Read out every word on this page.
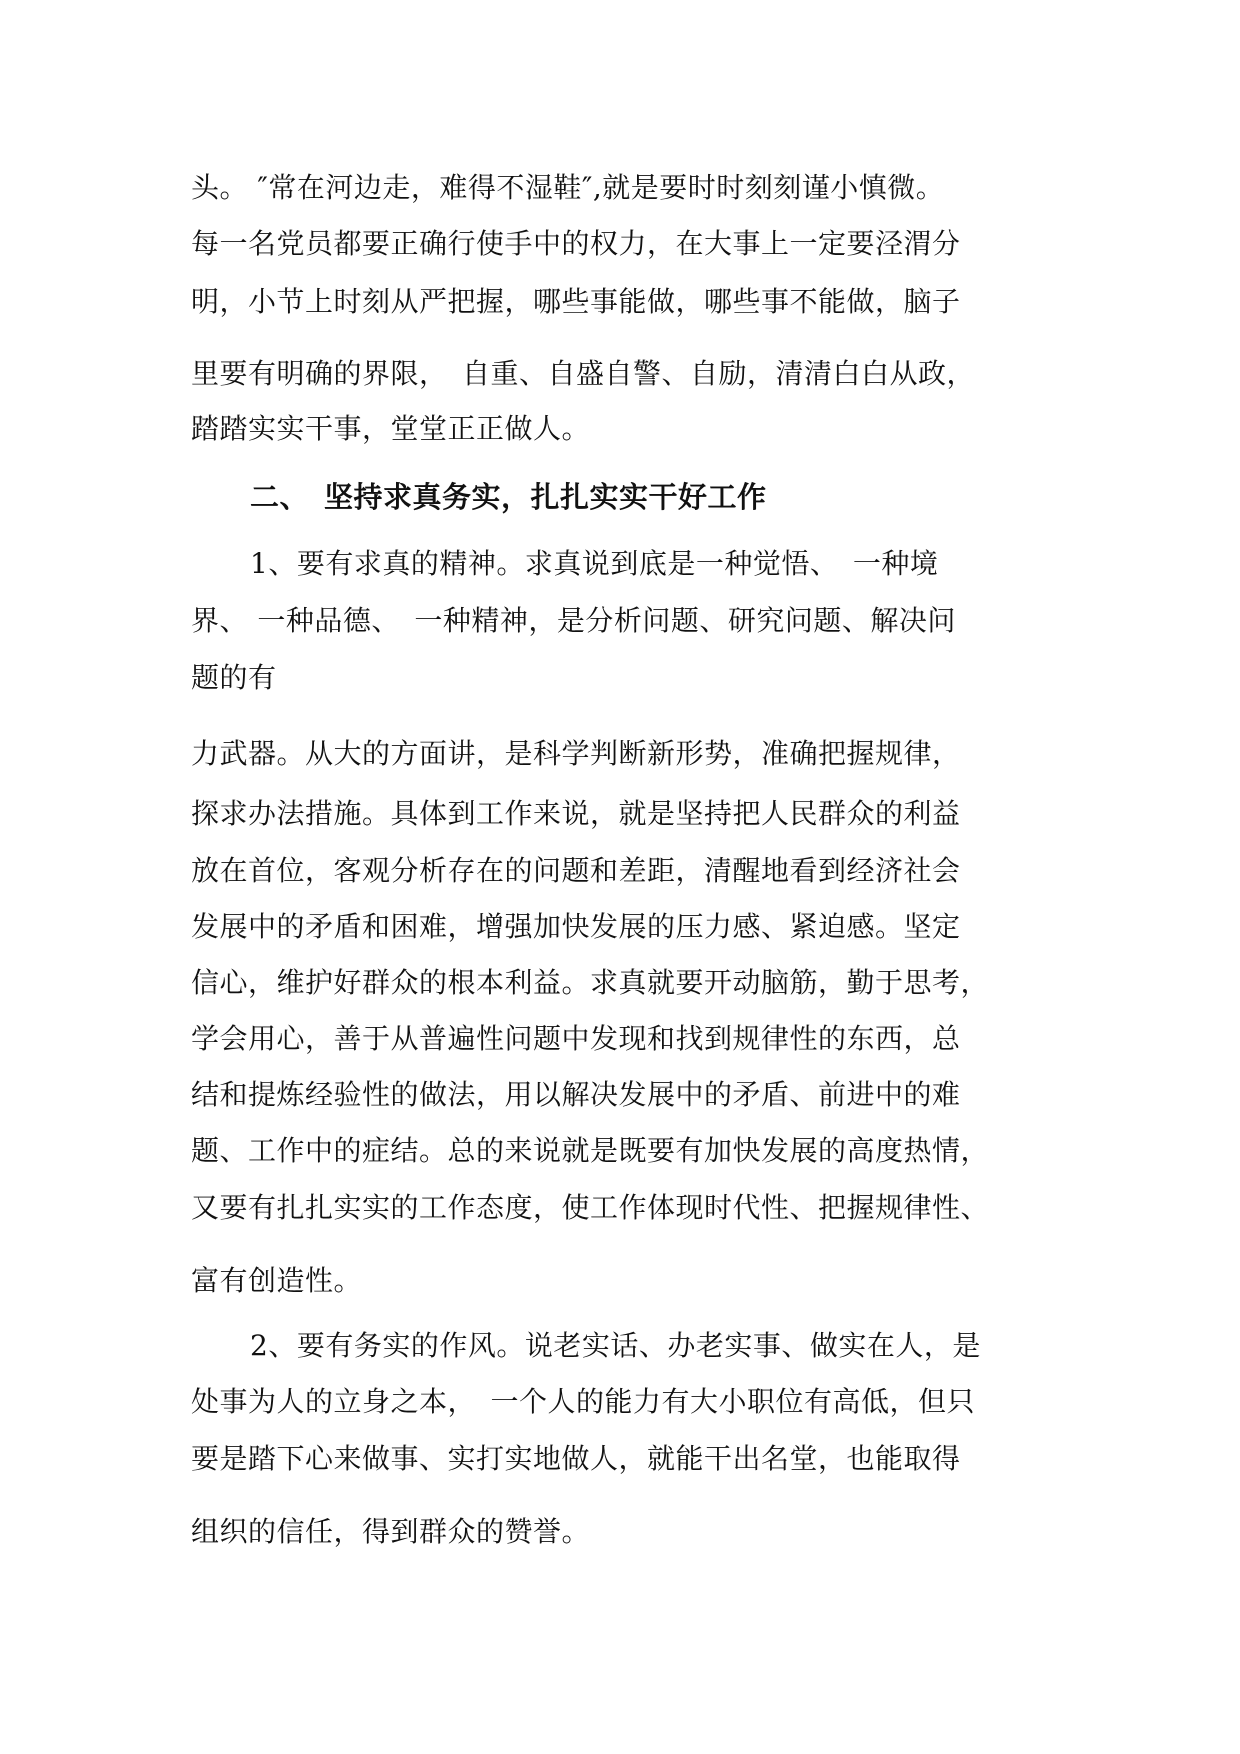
头。 ″常在河边走，难得不湿鞋″,就是要时时刻刻谨小慎微。
每一名党员都要正确行使手中的权力，在大事上一定要泾渭分
明，小节上时刻从严把握，哪些事能做，哪些事不能做，脑子
里要有明确的界限，　自重、自盛自警、自励，清清白白从政，
踏踏实实干事，堂堂正正做人。
二、　坚持求真务实，扎扎实实干好工作
1、要有求真的精神。求真说到底是一种觉悟、　一种境
界、 一种品德、　一种精神，是分析问题、研究问题、解决问
题的有
力武器。从大的方面讲，是科学判断新形势，准确把握规律，
探求办法措施。具体到工作来说，就是坚持把人民群众的利益
放在首位，客观分析存在的问题和差距，清醒地看到经济社会
发展中的矛盾和困难，增强加快发展的压力感、紧迫感。坚定
信心，维护好群众的根本利益。求真就要开动脑筋，勤于思考，
学会用心，善于从普遍性问题中发现和找到规律性的东西，总
结和提炼经验性的做法，用以解决发展中的矛盾、前进中的难
题、工作中的症结。总的来说就是既要有加快发展的高度热情，
又要有扎扎实实的工作态度，使工作体现时代性、把握规律性、
富有创造性。
2、要有务实的作风。说老实话、办老实事、做实在人，是
处事为人的立身之本，　一个人的能力有大小职位有高低，但只
要是踏下心来做事、实打实地做人，就能干出名堂，也能取得
组织的信任，得到群众的赞誉。
